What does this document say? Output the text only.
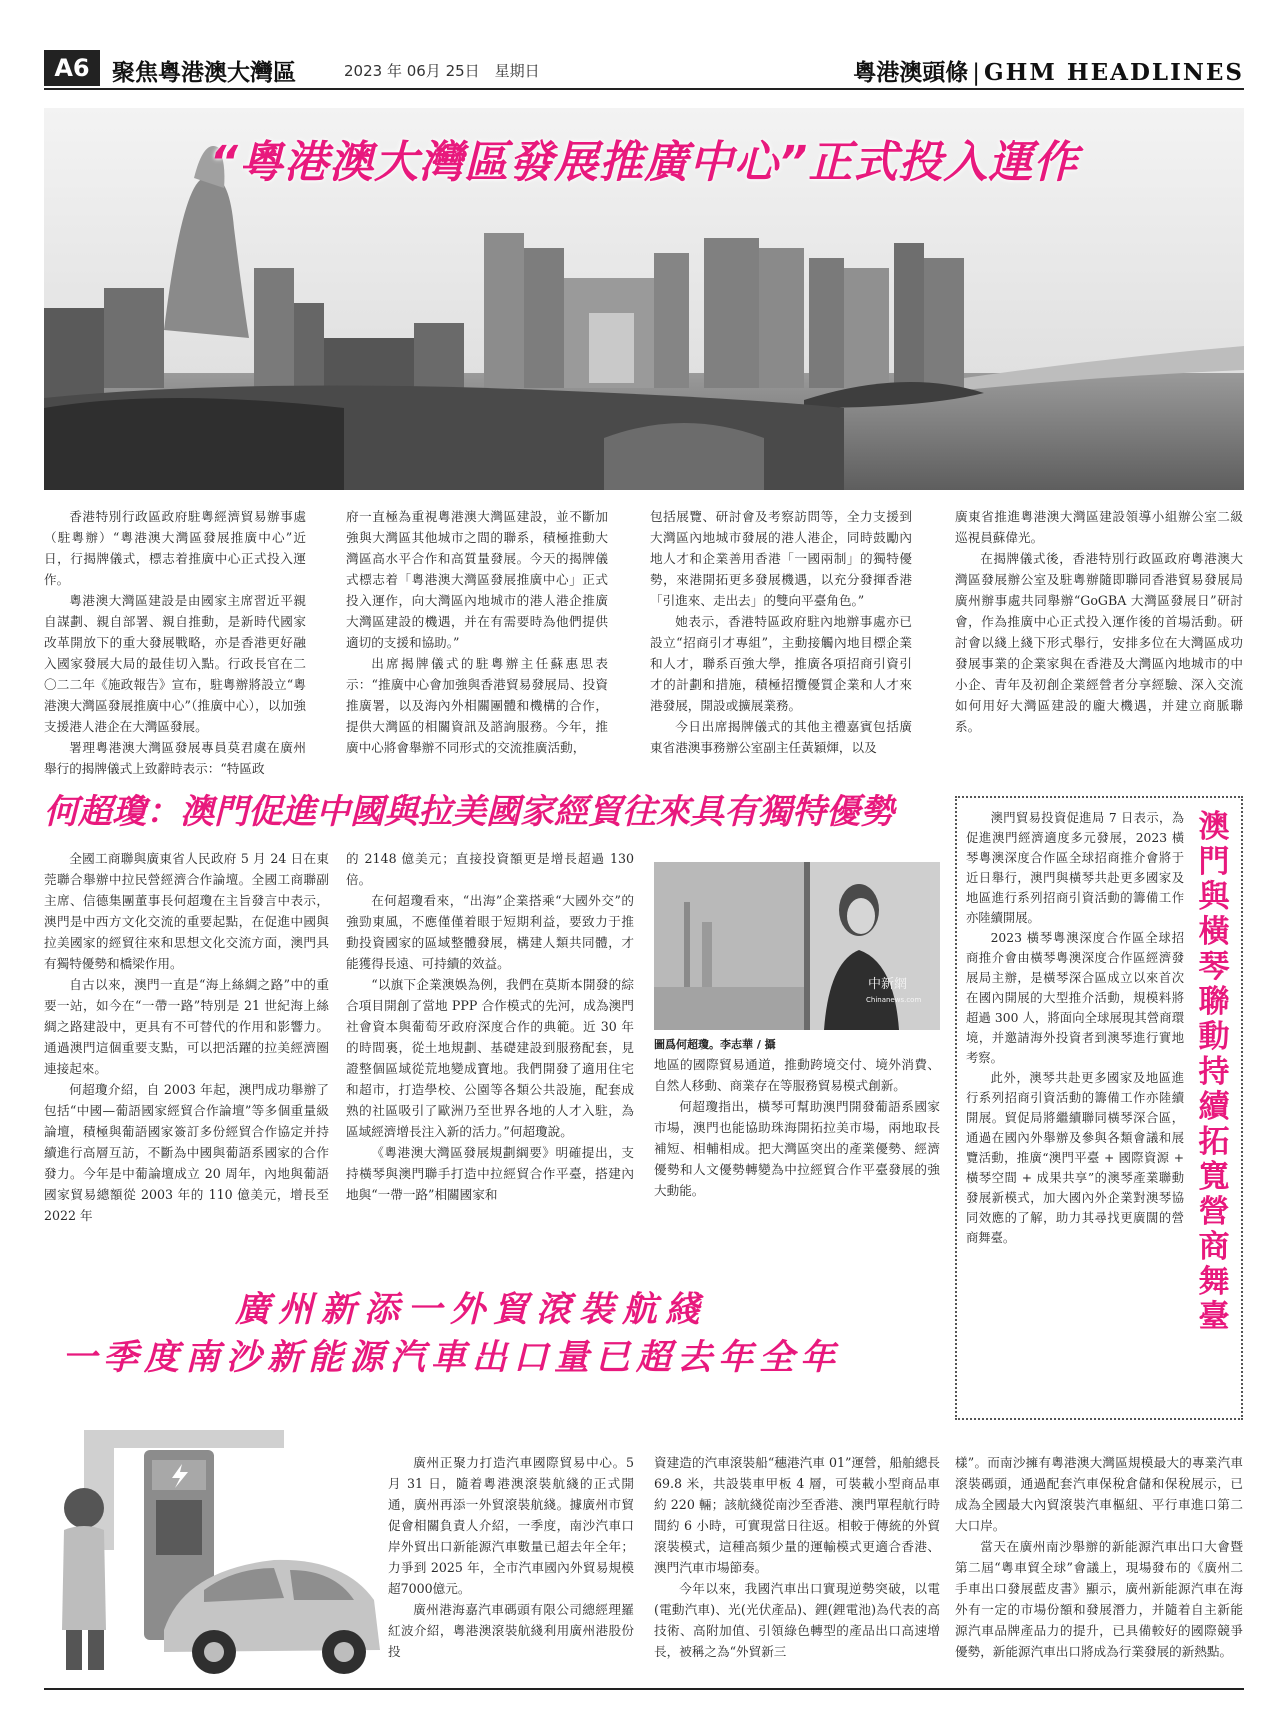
A6 聚焦粵港澳大灣區	2023 年 06月 25日　星期日	粵港澳頭條 | GHM HEADLINES
“粵港澳大灣區發展推廣中心”正式投入運作

香港特別行政區政府駐粵經濟貿易辦事處（駐粵辦）“粵港澳大灣區發展推廣中心”近日，行揭牌儀式，標志着推廣中心正式投入運作。

粵港澳大灣區建設是由國家主席習近平親自謀劃、親自部署、親自推動，是新時代國家改革開放下的重大發展戰略，亦是香港更好融入國家發展大局的最佳切入點。行政長官在二〇二二年《施政報告》宣布，駐粵辦將設立“粵港澳大灣區發展推廣中心”（推廣中心），以加強支援港人港企在大灣區發展。

署理粵港澳大灣區發展專員莫君虞在廣州舉行的揭牌儀式上致辭時表示：“特區政

府一直極為重視粵港澳大灣區建設，並不斷加強與大灣區其他城市之間的聯系，積極推動大灣區高水平合作和高質量發展。今天的揭牌儀式標志着「粵港澳大灣區發展推廣中心」正式投入運作，向大灣區內地城市的港人港企推廣大灣區建設的機遇，并在有需要時為他們提供適切的支援和協助。”

出席揭牌儀式的駐粵辦主任蘇惠思表示：“推廣中心會加強與香港貿易發展局、投資推廣署，以及海內外相關團體和機構的合作，提供大灣區的相關資訊及諮詢服務。今年，推廣中心將會舉辦不同形式的交流推廣活動，

包括展覽、研討會及考察訪問等，全力支援到大灣區內地城市發展的港人港企，同時鼓勵內地人才和企業善用香港「一國兩制」的獨特優勢，來港開拓更多發展機遇，以充分發揮香港「引進來、走出去」的雙向平臺角色。”

她表示，香港特區政府駐內地辦事處亦已設立“招商引才專組”，主動接觸內地目標企業和人才，聯系百強大學，推廣各項招商引資引才的計劃和措施，積極招攬優質企業和人才來港發展，開設或擴展業務。

今日出席揭牌儀式的其他主禮嘉賓包括廣東省港澳事務辦公室副主任黃穎煇，以及

廣東省推進粵港澳大灣區建設領導小組辦公室二級巡視員蘇偉光。

在揭牌儀式後，香港特別行政區政府粵港澳大灣區發展辦公室及駐粵辦隨即聯同香港貿易發展局廣州辦事處共同舉辦“GoGBA 大灣區發展日”研討會，作為推廣中心正式投入運作後的首場活動。研討會以綫上綫下形式舉行，安排多位在大灣區成功發展事業的企業家與在香港及大灣區內地城市的中小企、青年及初創企業經營者分享經驗、深入交流如何用好大灣區建設的龐大機遇，并建立商脈聯系。

何超瓊：澳門促進中國與拉美國家經貿往來具有獨特優勢

全國工商聯與廣東省人民政府 5 月 24 日在東莞聯合舉辦中拉民營經濟合作論壇。全國工商聯副主席、信德集團董事長何超瓊在主旨發言中表示，澳門是中西方文化交流的重要起點，在促進中國與拉美國家的經貿往來和思想文化交流方面，澳門具有獨特優勢和橋梁作用。

自古以來，澳門一直是“海上絲綢之路”中的重要一站，如今在“一帶一路”特別是 21 世紀海上絲綢之路建設中，更具有不可替代的作用和影響力。通過澳門這個重要支點，可以把活躍的拉美經濟圈連接起來。

何超瓊介紹，自 2003 年起，澳門成功舉辦了包括“中國—葡語國家經貿合作論壇”等多個重量級論壇，積極與葡語國家簽訂多份經貿合作協定并持續進行高層互訪，不斷為中國與葡語系國家的合作發力。今年是中葡論壇成立 20 周年，內地與葡語國家貿易總額從 2003 年的 110 億美元，增長至 2022 年

的 2148 億美元；直接投資額更是增長超過 130 倍。

在何超瓊看來，“出海”企業搭乘“大國外交”的強勁東風，不應僅僅着眼于短期利益，要致力于推動投資國家的區域整體發展，構建人類共同體，才能獲得長遠、可持續的效益。

“以旗下企業澳娛為例，我們在莫斯本開發的綜合項目開創了當地 PPP 合作模式的先河，成為澳門社會資本與葡萄牙政府深度合作的典範。近 30 年的時間裏，從土地規劃、基礎建設到服務配套，見證整個區域從荒地變成寶地。我們開發了適用住宅和超市，打造學校、公園等各類公共設施，配套成熟的社區吸引了歐洲乃至世界各地的人才入駐，為區域經濟增長注入新的活力。”何超瓊說。

《粵港澳大灣區發展規劃綱要》明確提出，支持橫琴與澳門聯手打造中拉經貿合作平臺，搭建內地與“一帶一路”相關國家和

中新網
Chinanews.com
圖爲何超瓊。李志華 / 攝

地區的國際貿易通道，推動跨境交付、境外消費、自然人移動、商業存在等服務貿易模式創新。

何超瓊指出，橫琴可幫助澳門開發葡語系國家市場，澳門也能協助珠海開拓拉美市場，兩地取長補短、相輔相成。把大灣區突出的產業優勢、經濟優勢和人文優勢轉變為中拉經貿合作平臺發展的強大動能。

澳門貿易投資促進局 7 日表示，為促進澳門經濟適度多元發展，2023 橫琴粵澳深度合作區全球招商推介會將于近日舉行，澳門與橫琴共赴更多國家及地區進行系列招商引資活動的籌備工作亦陸續開展。

2023 橫琴粵澳深度合作區全球招商推介會由橫琴粵澳深度合作區經濟發展局主辦，是橫琴深合區成立以來首次在國內開展的大型推介活動，規模料將超過 300 人，將面向全球展現其營商環境，并邀請海外投資者到澳琴進行實地考察。

此外，澳琴共赴更多國家及地區進行系列招商引資活動的籌備工作亦陸續開展。貿促局將繼續聯同橫琴深合區，通過在國內外舉辦及參與各類會議和展覽活動，推廣“澳門平臺 + 國際資源 + 橫琴空間 + 成果共享”的澳琴產業聯動發展新模式，加大國內外企業對澳琴協同效應的了解，助力其尋找更廣闊的營商舞臺。

澳門與橫琴聯動 持續拓寬營商舞臺
廣州新添一外貿滾裝航綫
一季度南沙新能源汽車出口量已超去年全年

廣州正聚力打造汽車國際貿易中心。5 月 31 日，隨着粵港澳滾裝航綫的正式開通，廣州再添一外貿滾裝航綫。據廣州市貿促會相關負責人介紹，一季度，南沙汽車口岸外貿出口新能源汽車數量已超去年全年；力爭到 2025 年，全市汽車國內外貿易規模超7000億元。

廣州港海嘉汽車碼頭有限公司總經理羅紅波介紹，粵港澳滾裝航綫利用廣州港股份投

資建造的汽車滾裝船“穗港汽車 01”運營，船舶總長 69.8 米，共設裝車甲板 4 層，可裝載小型商品車約 220 輛；該航綫從南沙至香港、澳門單程航行時間約 6 小時，可實現當日往返。相較于傳統的外貿滾裝模式，這種高頻少量的運輸模式更適合香港、澳門汽車市場節奏。

今年以來，我國汽車出口實現逆勢突破，以電(電動汽車)、光(光伏產品)、鋰(鋰電池)為代表的高技術、高附加值、引領綠色轉型的產品出口高速增長，被稱之為“外貿新三

樣”。而南沙擁有粵港澳大灣區規模最大的專業汽車滾裝碼頭，通過配套汽車保稅倉儲和保稅展示，已成為全國最大內貿滾裝汽車樞紐、平行車進口第二大口岸。

當天在廣州南沙舉辦的新能源汽車出口大會暨第二屆“粵車貿全球”會議上，現場發布的《廣州二手車出口發展藍皮書》顯示，廣州新能源汽車在海外有一定的市場份額和發展潛力，并隨着自主新能源汽車品牌產品力的提升，已具備較好的國際競爭優勢，新能源汽車出口將成為行業發展的新熱點。
